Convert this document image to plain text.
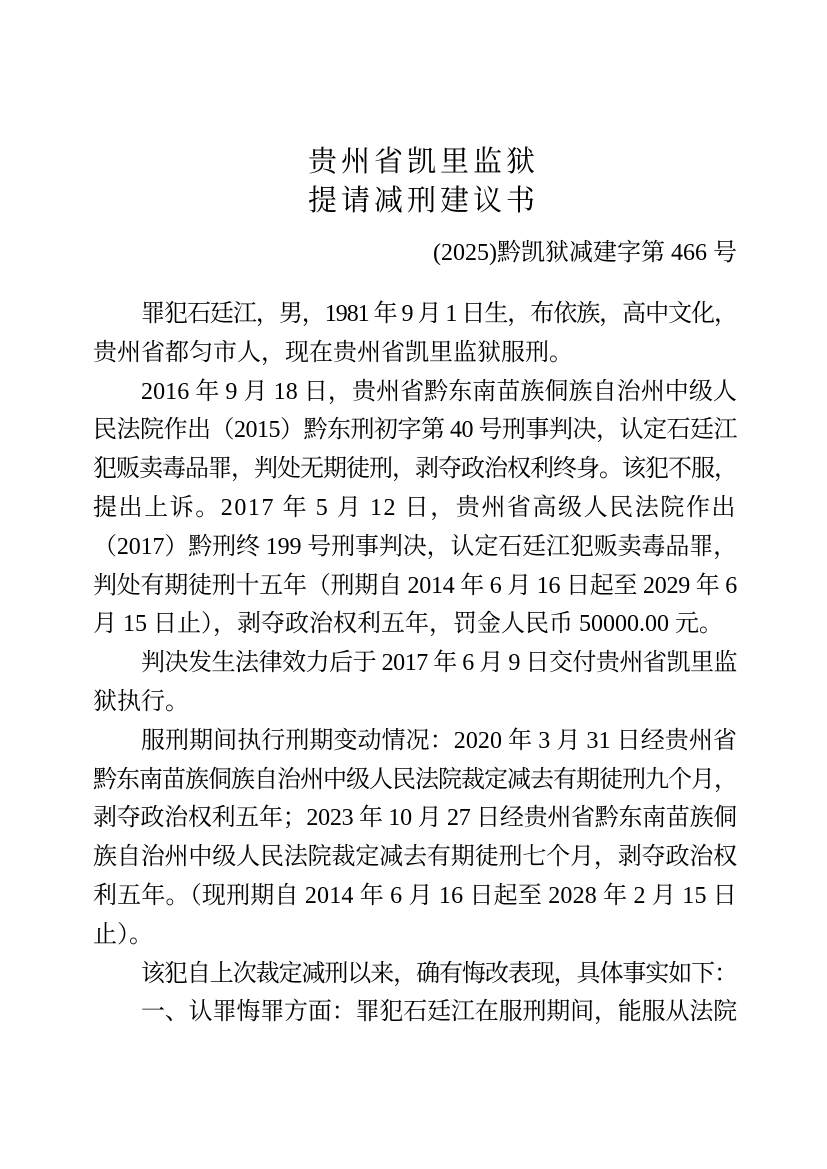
贵州省凯里监狱
提请减刑建议书
(2025)黔凯狱减建字第 466 号
罪犯石廷江，男，1981 年 9 月 1 日生，布依族，高中文化，
贵州省都匀市人，现在贵州省凯里监狱服刑。
2016 年 9 月 18 日，贵州省黔东南苗族侗族自治州中级人
民法院作出（2015）黔东刑初字第 40 号刑事判决，认定石廷江
犯贩卖毒品罪，判处无期徒刑，剥夺政治权利终身。该犯不服，
提出上诉。2017 年 5 月 12 日，贵州省高级人民法院作出
（2017）黔刑终 199 号刑事判决，认定石廷江犯贩卖毒品罪，
判处有期徒刑十五年（刑期自 2014 年 6 月 16 日起至 2029 年 6
月 15 日止），剥夺政治权利五年，罚金人民币 50000.00 元。
判决发生法律效力后于 2017 年 6 月 9 日交付贵州省凯里监
狱执行。
服刑期间执行刑期变动情况：2020 年 3 月 31 日经贵州省
黔东南苗族侗族自治州中级人民法院裁定减去有期徒刑九个月，
剥夺政治权利五年；2023 年 10 月 27 日经贵州省黔东南苗族侗
族自治州中级人民法院裁定减去有期徒刑七个月，剥夺政治权
利五年。（现刑期自 2014 年 6 月 16 日起至 2028 年 2 月 15 日
止）。
该犯自上次裁定减刑以来，确有悔改表现，具体事实如下：
一、认罪悔罪方面：罪犯石廷江在服刑期间，能服从法院
